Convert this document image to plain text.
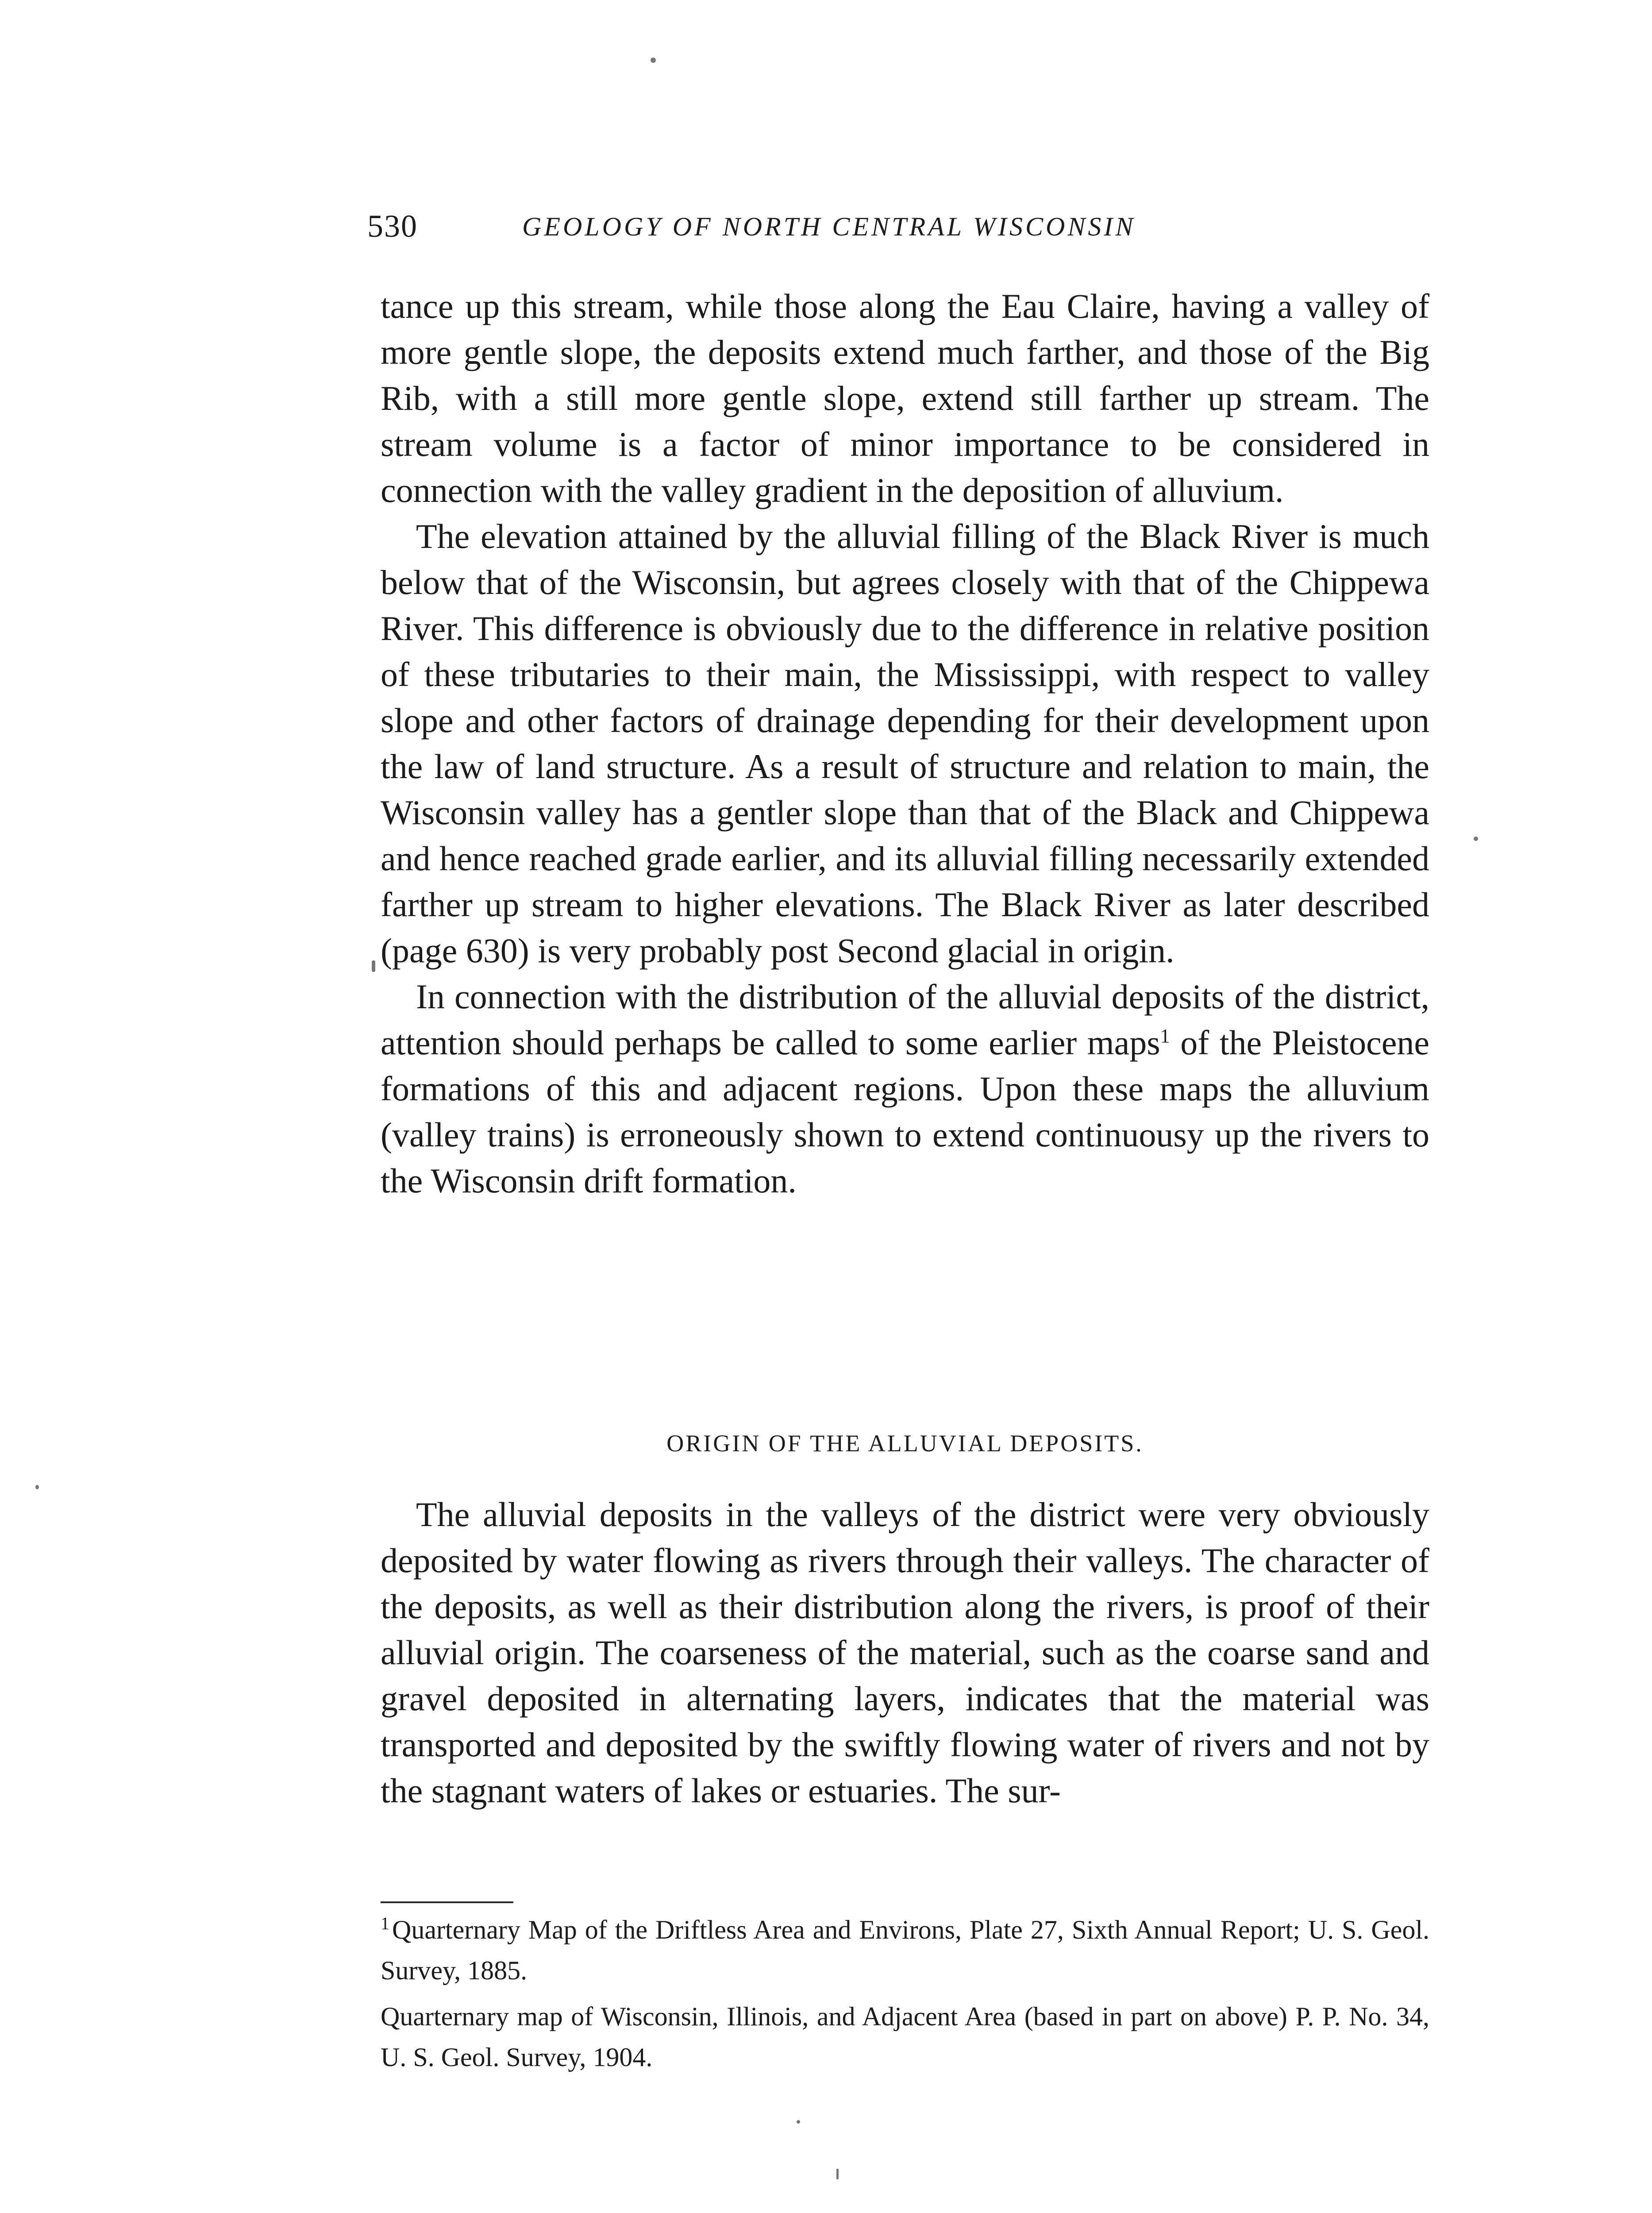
530	GEOLOGY OF NORTH CENTRAL WISCONSIN

tance up this stream, while those along the Eau Claire, having a valley of more gentle slope, the deposits extend much farther, and those of the Big Rib, with a still more gentle slope, extend still farther up stream. The stream volume is a factor of minor importance to be considered in connection with the valley gradient in the deposition of alluvium.

The elevation attained by the alluvial filling of the Black River is much below that of the Wisconsin, but agrees closely with that of the Chippewa River. This difference is obviously due to the difference in relative position of these tributaries to their main, the Mississippi, with respect to valley slope and other factors of drainage depending for their development upon the law of land structure. As a result of structure and relation to main, the Wisconsin valley has a gentler slope than that of the Black and Chippewa and hence reached grade earlier, and its alluvial filling necessarily extended farther up stream to higher elevations. The Black River as later described (page 630) is very probably post Second glacial in origin.

In connection with the distribution of the alluvial deposits of the district, attention should perhaps be called to some earlier maps$^1$ of the Pleistocene formations of this and adjacent regions. Upon these maps the alluvium (valley trains) is erroneously shown to extend continuousy up the rivers to the Wisconsin drift formation.

ORIGIN OF THE ALLUVIAL DEPOSITS.

The alluvial deposits in the valleys of the district were very obviously deposited by water flowing as rivers through their valleys. The character of the deposits, as well as their distribution along the rivers, is proof of their alluvial origin. The coarseness of the material, such as the coarse sand and gravel deposited in alternating layers, indicates that the material was transported and deposited by the swiftly flowing water of rivers and not by the stagnant waters of lakes or estuaries. The sur-

$^1$ Quarternary Map of the Driftless Area and Environs, Plate 27, Sixth Annual Report; U. S. Geol. Survey, 1885.

Quarternary map of Wisconsin, Illinois, and Adjacent Area (based in part on above) P. P. No. 34, U. S. Geol. Survey, 1904.
